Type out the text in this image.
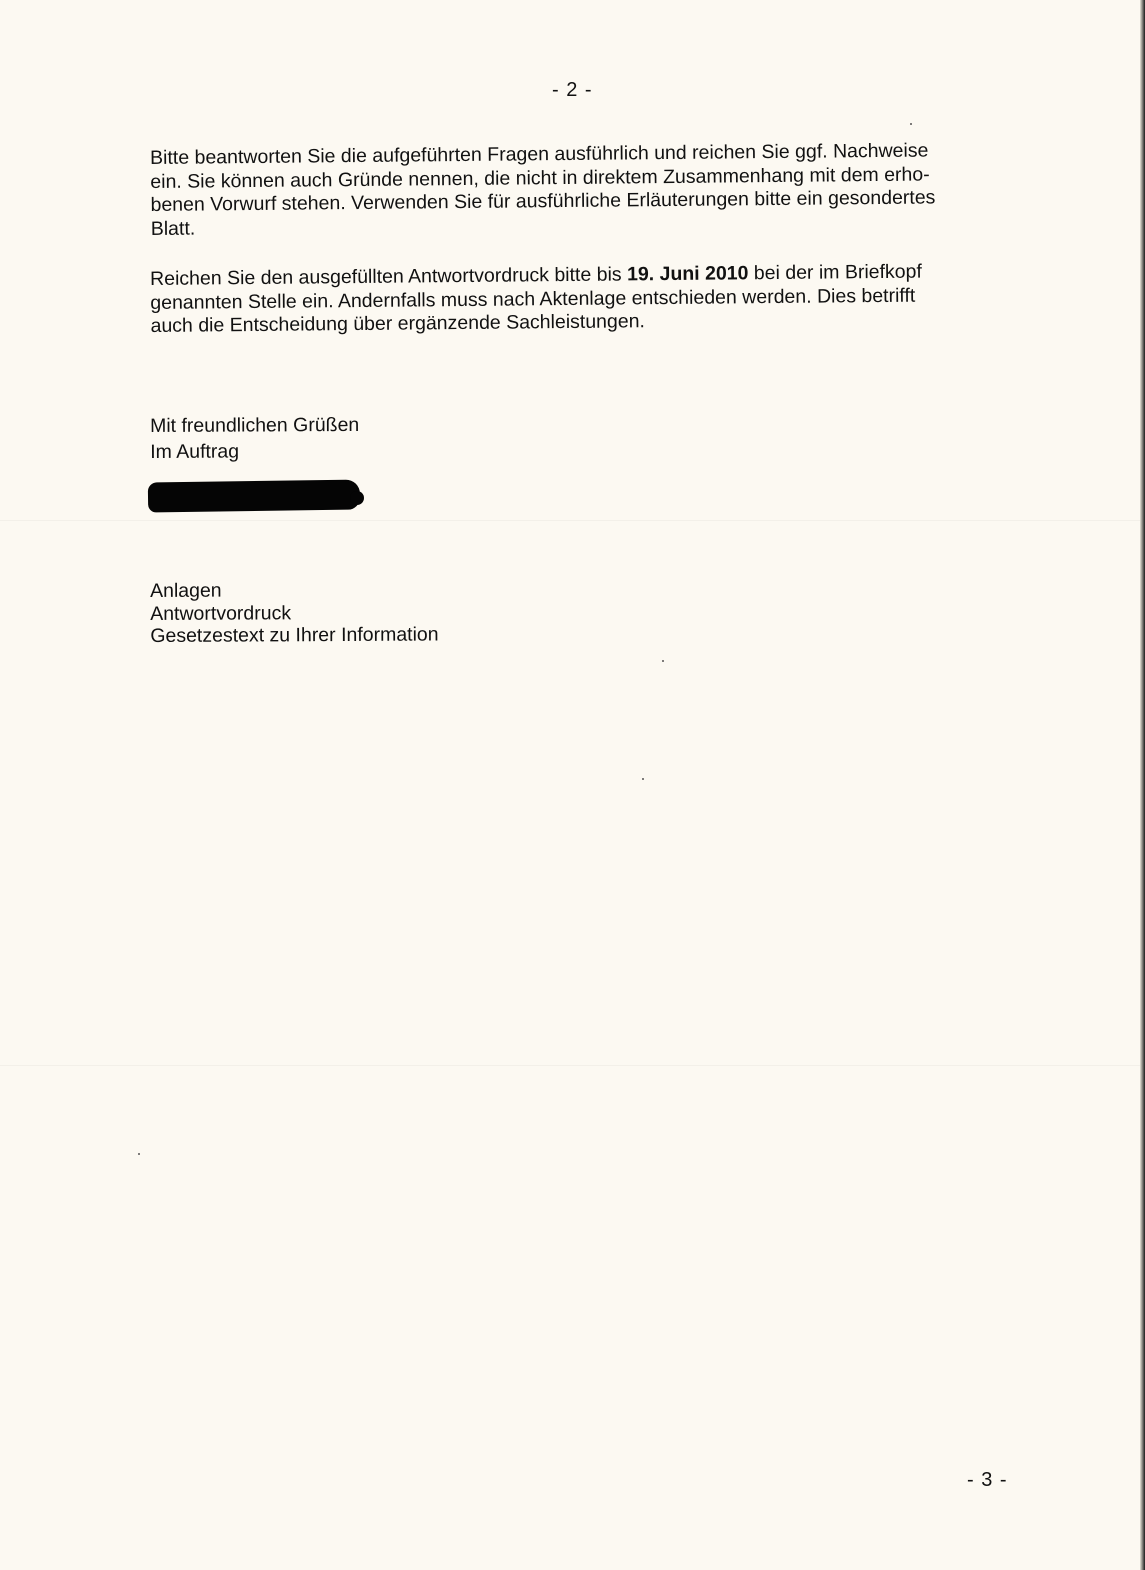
- 2 -
Bitte beantworten Sie die aufgeführten Fragen ausführlich und reichen Sie ggf. Nachweise
ein. Sie können auch Gründe nennen, die nicht in direktem Zusammenhang mit dem erho-
benen Vorwurf stehen. Verwenden Sie für ausführliche Erläuterungen bitte ein gesondertes
Blatt.
Reichen Sie den ausgefüllten Antwortvordruck bitte bis 19. Juni 2010 bei der im Briefkopf
genannten Stelle ein. Andernfalls muss nach Aktenlage entschieden werden. Dies betrifft
auch die Entscheidung über ergänzende Sachleistungen.
Mit freundlichen Grüßen
Im Auftrag
Anlagen
Antwortvordruck
Gesetzestext zu Ihrer Information
- 3 -
